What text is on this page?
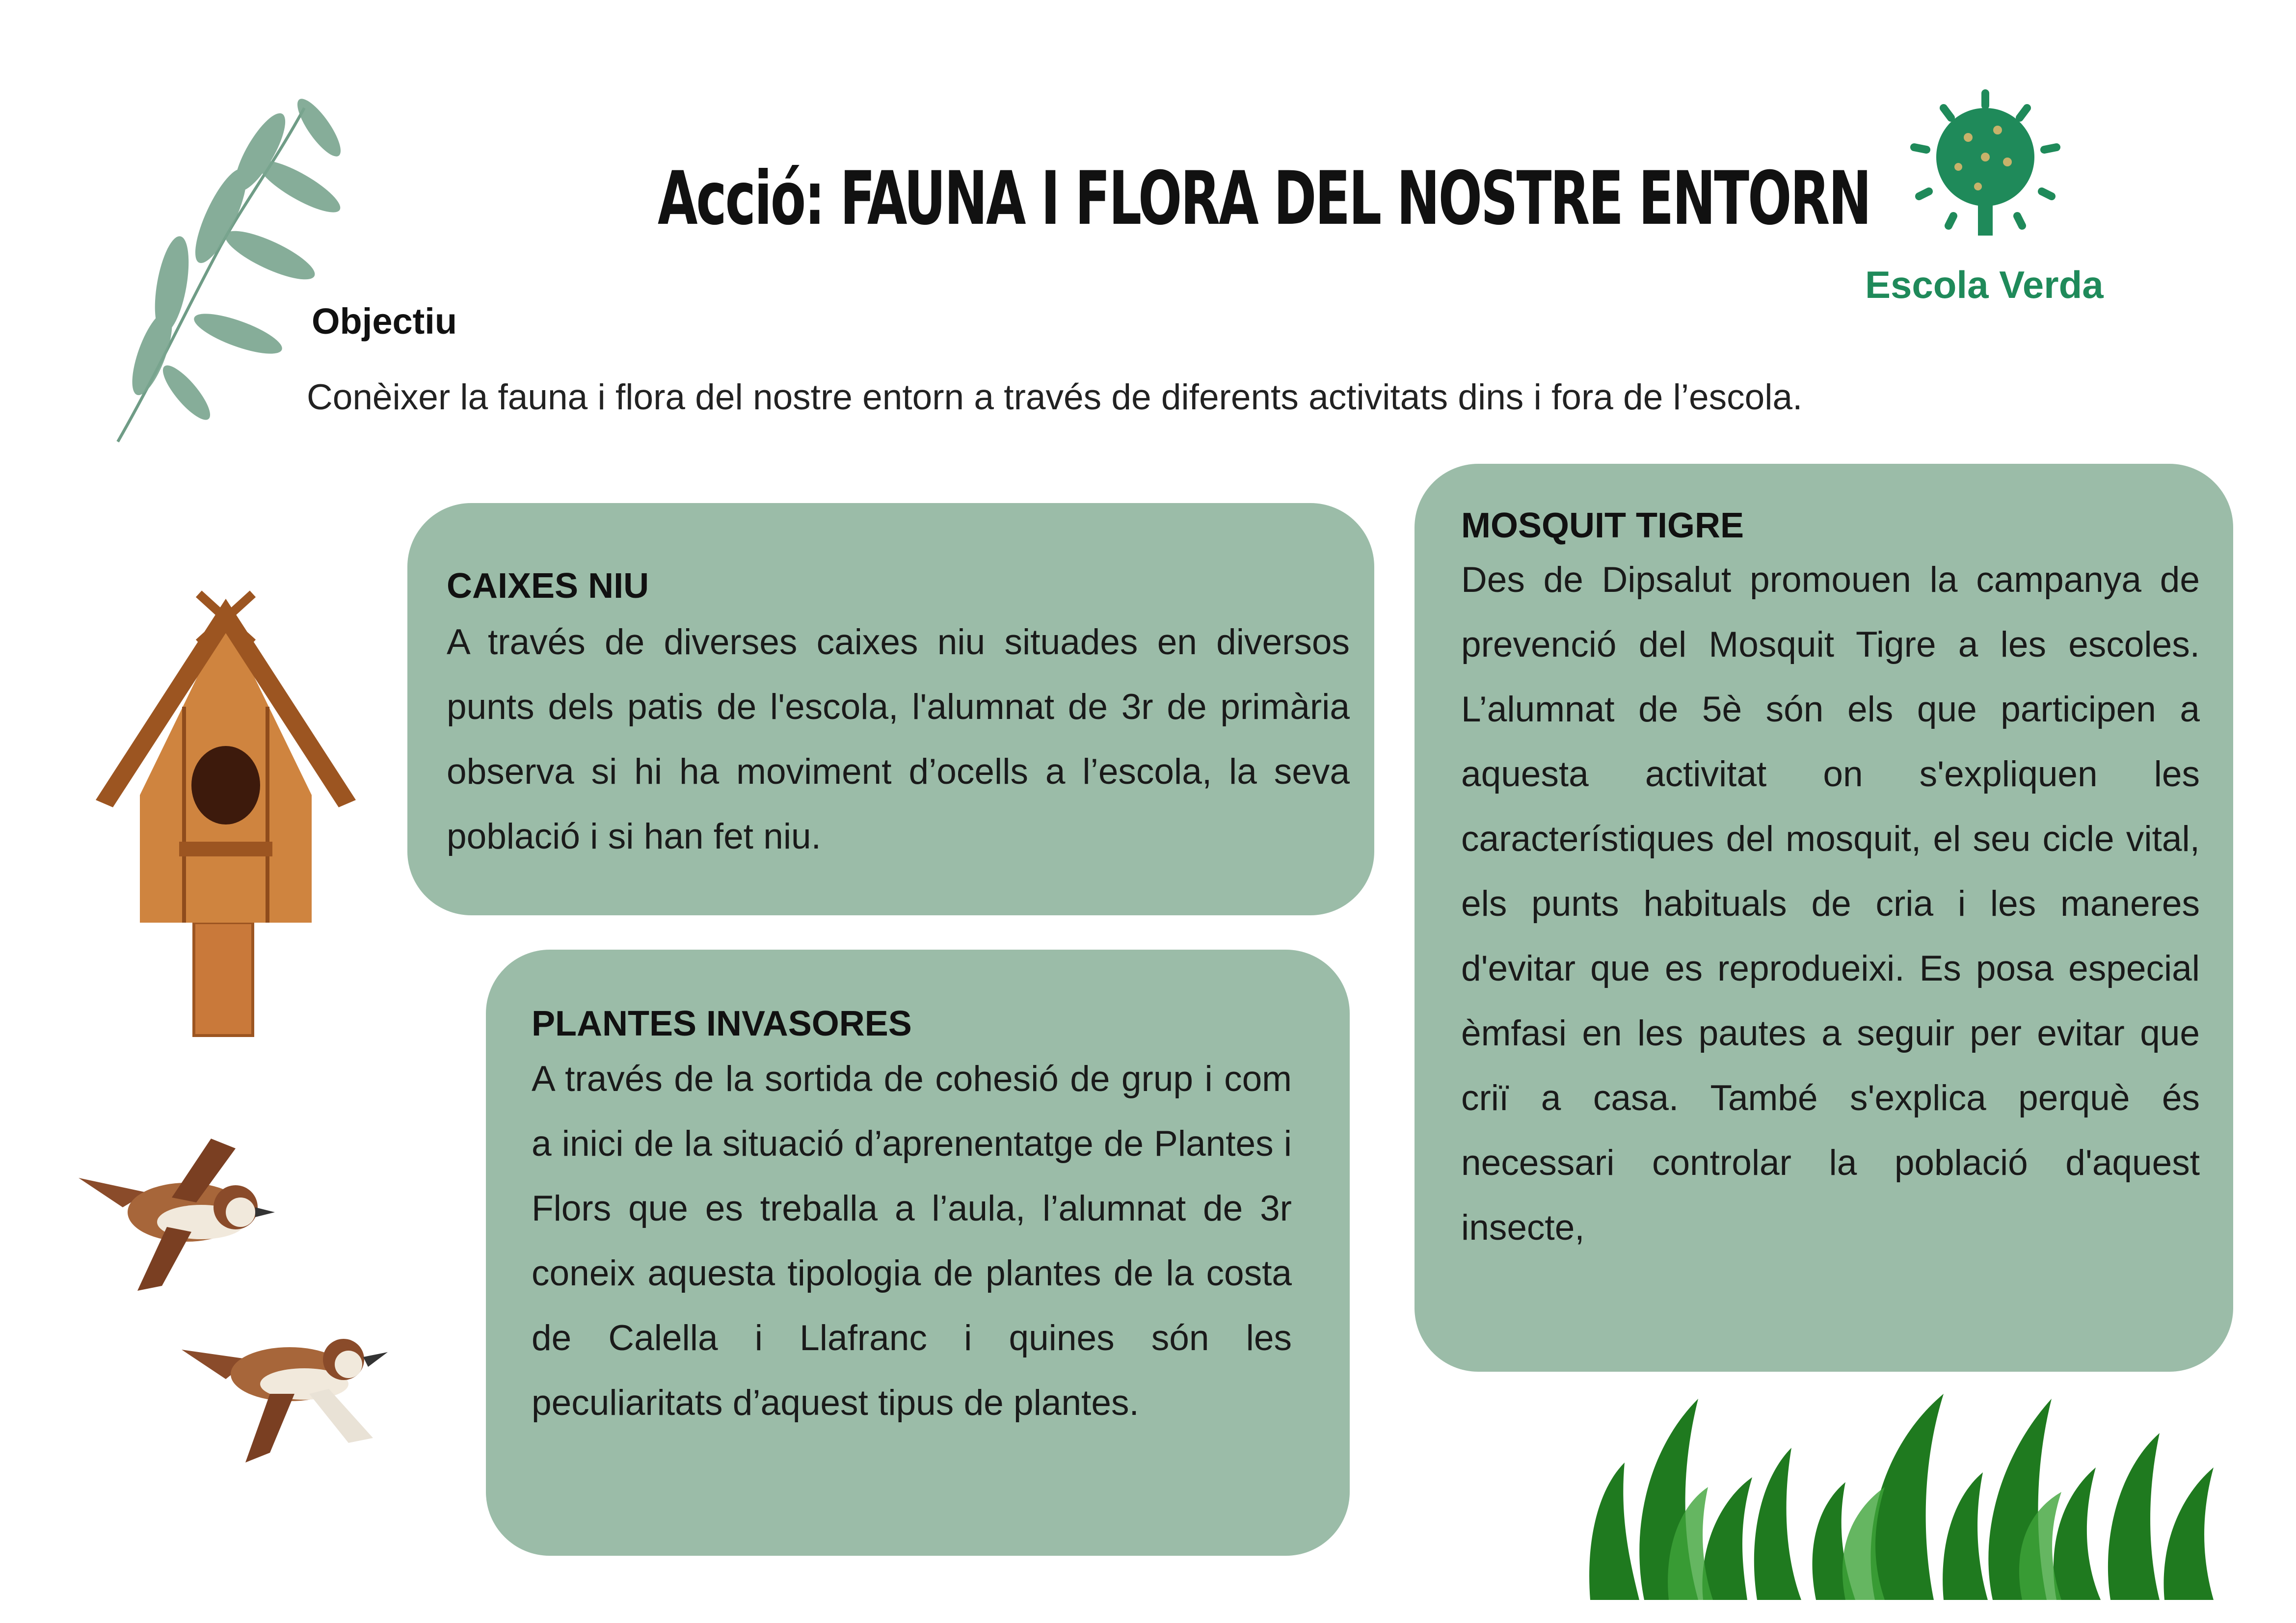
Acció: FAUNA I FLORA DEL NOSTRE ENTORN
Escola Verda
Objectiu
Conèixer la fauna i flora del nostre entorn a través de diferents activitats dins i fora de l’escola.
CAIXES NIU

A través de diverses caixes niu situades en diversos punts dels patis de l'escola, l'alumnat de 3r de primària observa si hi ha moviment d’ocells a l’escola, la seva població i si han fet niu.

PLANTES INVASORES

A través de la sortida de cohesió de grup i com a inici de la situació d’aprenentatge de Plantes i Flors que es treballa a l’aula, l’alumnat de 3r coneix aquesta tipologia de plantes de la costa de Calella i Llafranc i quines són les peculiaritats d’aquest tipus de plantes.

MOSQUIT TIGRE

Des de Dipsalut promouen la campanya de prevenció del Mosquit Tigre a les escoles. L’alumnat de 5è són els que participen a aquesta activitat on s'expliquen les característiques del mosquit, el seu cicle vital, els punts habituals de cria i les maneres d'evitar que es reprodueixi. Es posa especial èmfasi en les pautes a seguir per evitar que criï a casa. També s'explica perquè és necessari controlar la població d'aquest insecte,
